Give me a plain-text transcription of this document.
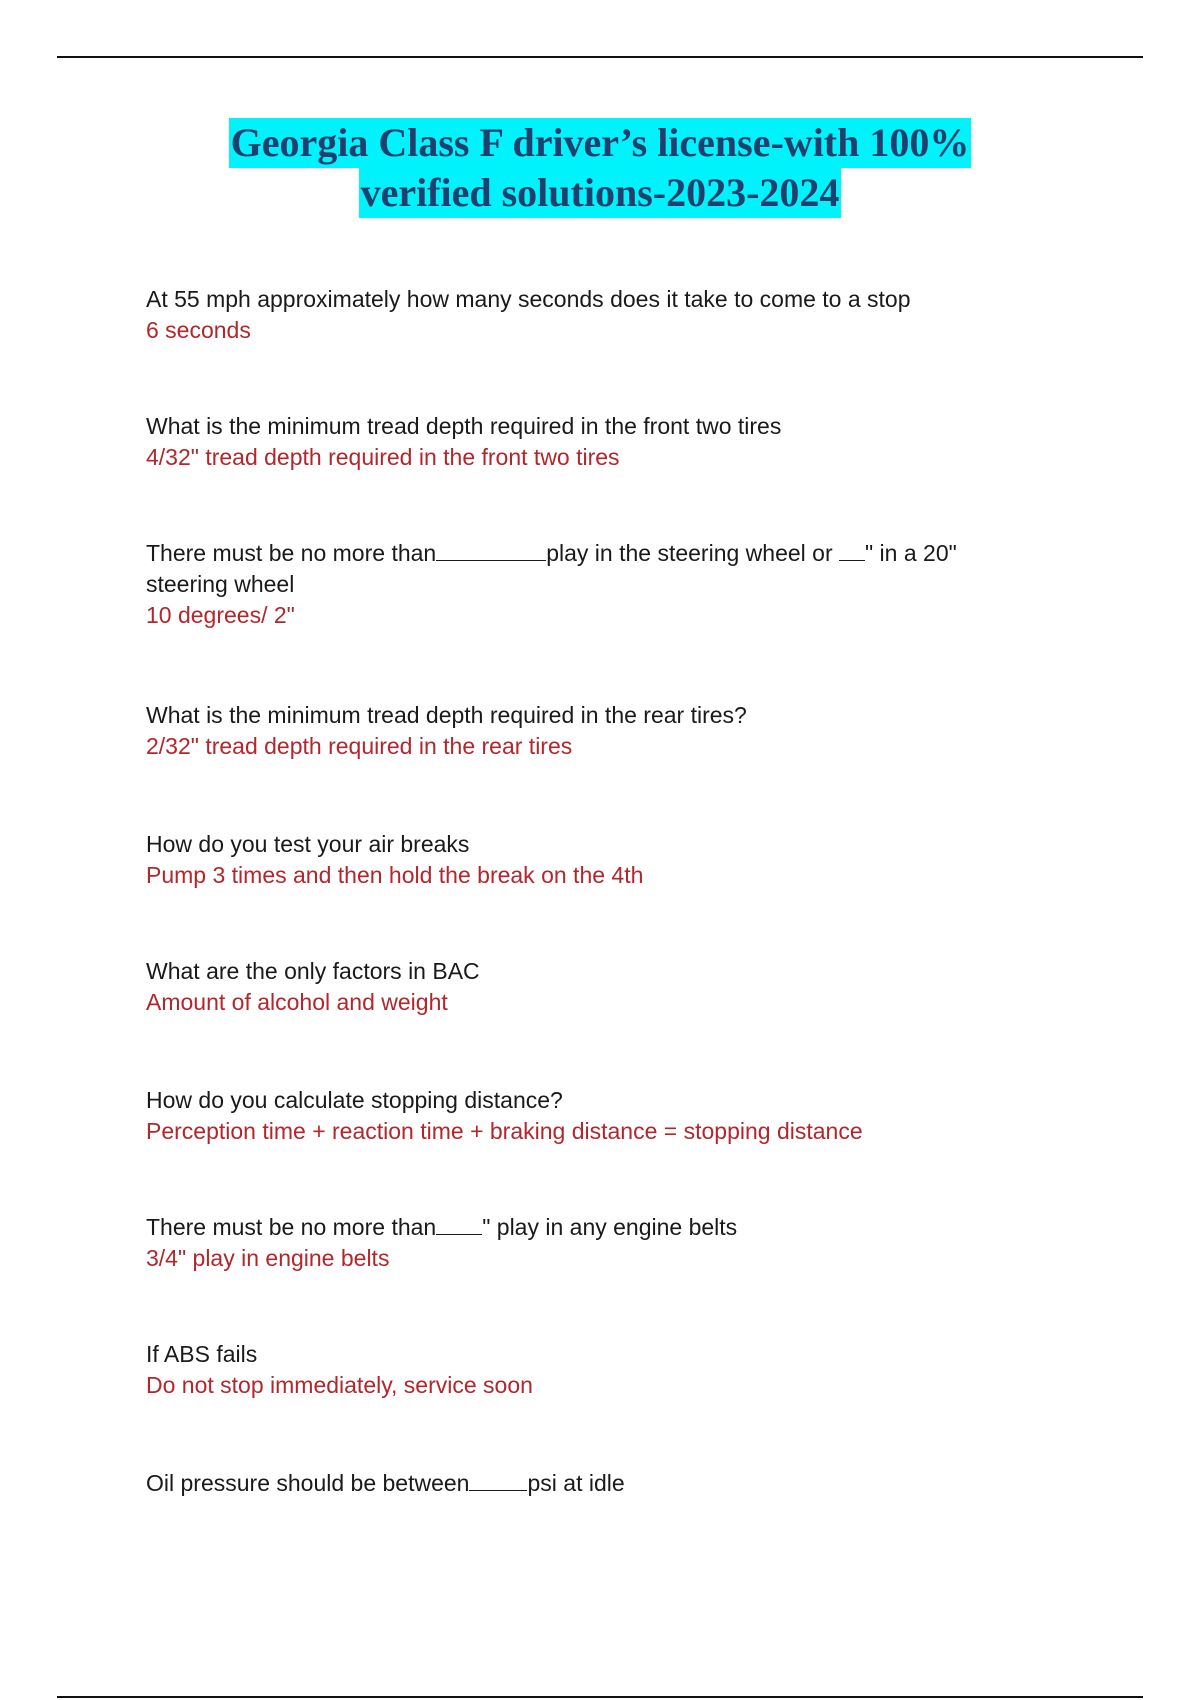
Georgia Class F driver’s license-with 100%
verified solutions-2023-2024
At 55 mph approximately how many seconds does it take to come to a stop
6 seconds
What is the minimum tread depth required in the front two tires
4/32" tread depth required in the front two tires
There must be no more than	play in the steering wheel or " in a 20"
steering wheel
10 degrees/ 2"
What is the minimum tread depth required in the rear tires?
2/32" tread depth required in the rear tires
How do you test your air breaks
Pump 3 times and then hold the break on the 4th
What are the only factors in BAC
Amount of alcohol and weight
How do you calculate stopping distance?
Perception time + reaction time + braking distance = stopping distance
There must be no more than " play in any engine belts
3/4" play in engine belts
If ABS fails
Do not stop immediately, service soon
Oil pressure should be between	psi at idle
